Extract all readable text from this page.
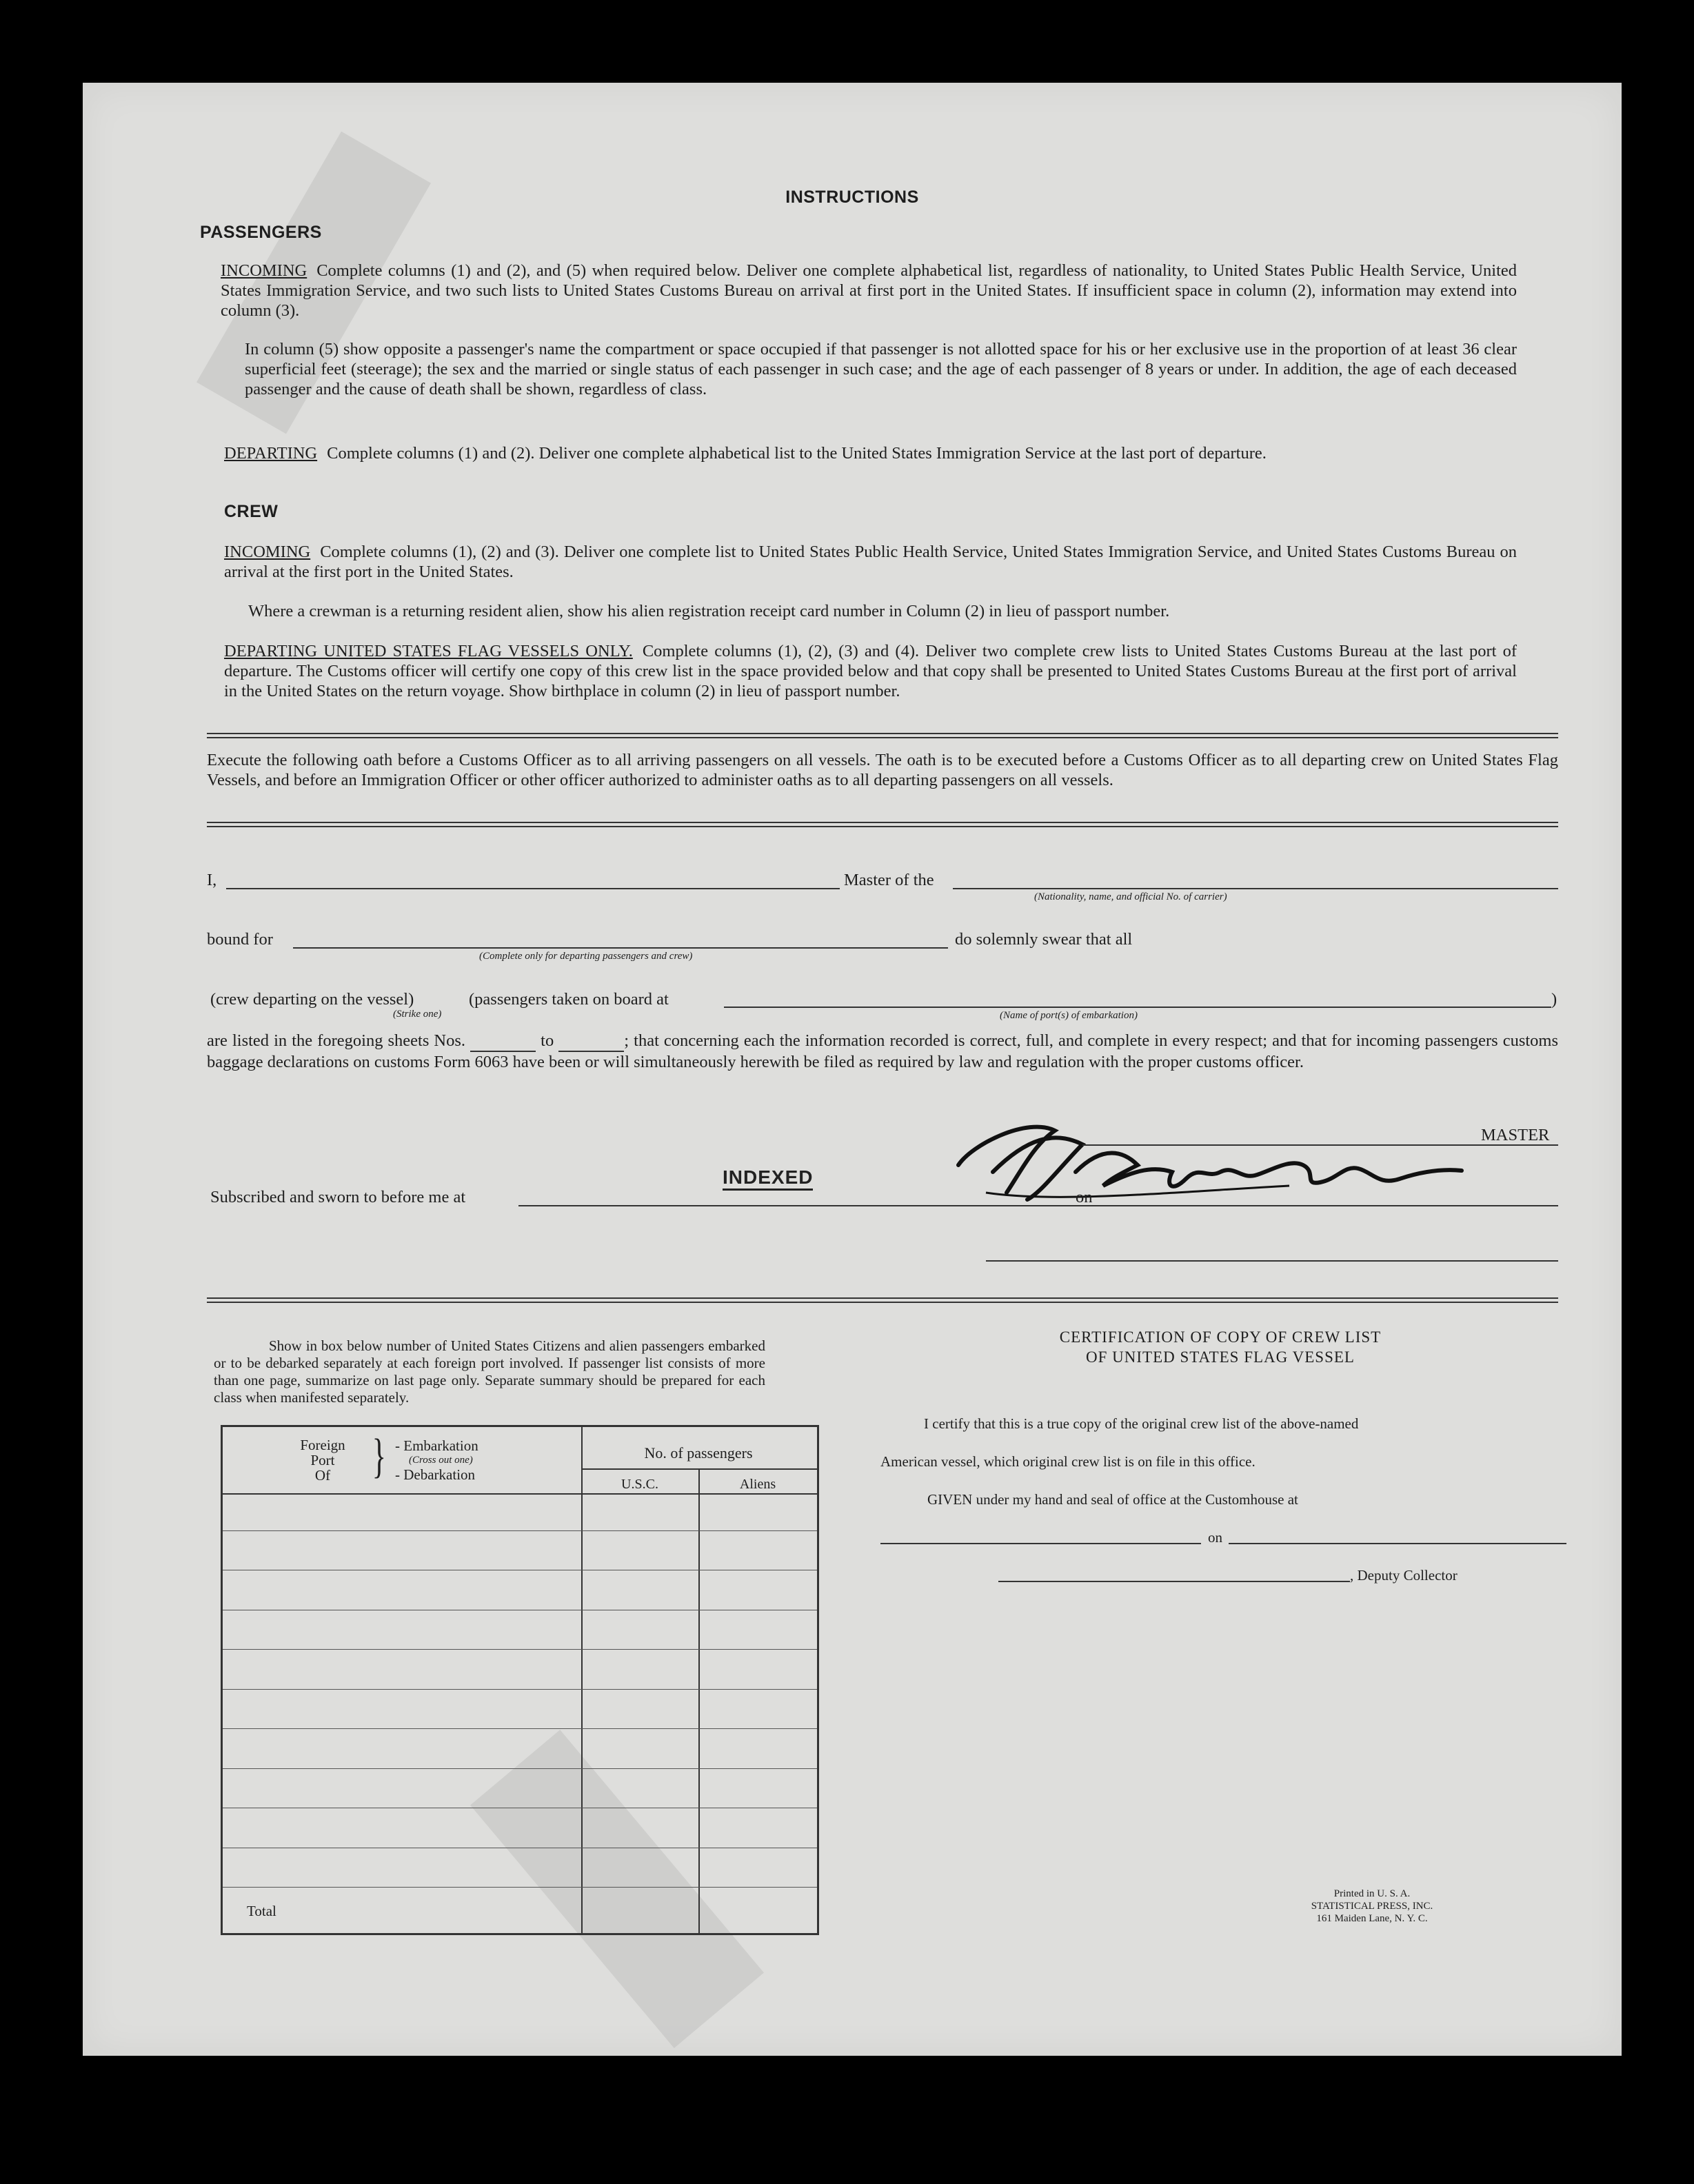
INSTRUCTIONS
PASSENGERS
INCOMING Complete columns (1) and (2), and (5) when required below. Deliver one complete alphabetical list, regardless of nationality, to United States Public Health Service, United States Immigration Service, and two such lists to United States Customs Bureau on arrival at first port in the United States. If insufficient space in column (2), information may extend into column (3).
In column (5) show opposite a passenger's name the compartment or space occupied if that passenger is not allotted space for his or her exclusive use in the proportion of at least 36 clear superficial feet (steerage); the sex and the married or single status of each passenger in such case; and the age of each passenger of 8 years or under. In addition, the age of each deceased passenger and the cause of death shall be shown, regardless of class.
DEPARTING Complete columns (1) and (2). Deliver one complete alphabetical list to the United States Immigration Service at the last port of departure.
CREW
INCOMING Complete columns (1), (2) and (3). Deliver one complete list to United States Public Health Service, United States Immigration Service, and United States Customs Bureau on arrival at the first port in the United States.
Where a crewman is a returning resident alien, show his alien registration receipt card number in Column (2) in lieu of passport number.
DEPARTING UNITED STATES FLAG VESSELS ONLY. Complete columns (1), (2), (3) and (4). Deliver two complete crew lists to United States Customs Bureau at the last port of departure. The Customs officer will certify one copy of this crew list in the space provided below and that copy shall be presented to United States Customs Bureau at the first port of arrival in the United States on the return voyage. Show birthplace in column (2) in lieu of passport number.
Execute the following oath before a Customs Officer as to all arriving passengers on all vessels. The oath is to be executed before a Customs Officer as to all departing crew on United States Flag Vessels, and before an Immigration Officer or other officer authorized to administer oaths as to all departing passengers on all vessels.
I,	Master of the
(Nationality, name, and official No. of carrier)
bound for
(Complete only for departing passengers and crew)
do solemnly swear that all
(crew departing on the vessel)	(passengers taken on board at	)
(Strike one)	(Name of port(s) of embarkation)
are listed in the foregoing sheets Nos.	to	; that concerning each the information recorded is correct, full, and complete in every respect; and that for incoming passengers customs baggage declarations on customs Form 6063 have been or will simultaneously herewith be filed as required by law and regulation with the proper customs officer.
MASTER
Subscribed and sworn to before me at
INDEXED
on
Show in box below number of United States Citizens and alien passengers embarked or to be debarked separately at each foreign port involved. If passenger list consists of more than one page, summarize on last page only. Separate summary should be prepared for each class when manifested separately.
Foreign
Port
Of } - Embarkation
(Cross out one)
- Debarkation
No. of passengers
U.S.C.	Aliens
Total
CERTIFICATION OF COPY OF CREW LIST
OF UNITED STATES FLAG VESSEL
I certify that this is a true copy of the original crew list of the above-named
American vessel, which original crew list is on file in this office.
GIVEN under my hand and seal of office at the Customhouse at
on
, Deputy Collector
Printed in U. S. A.
STATISTICAL PRESS, INC.
161 Maiden Lane, N. Y. C.
